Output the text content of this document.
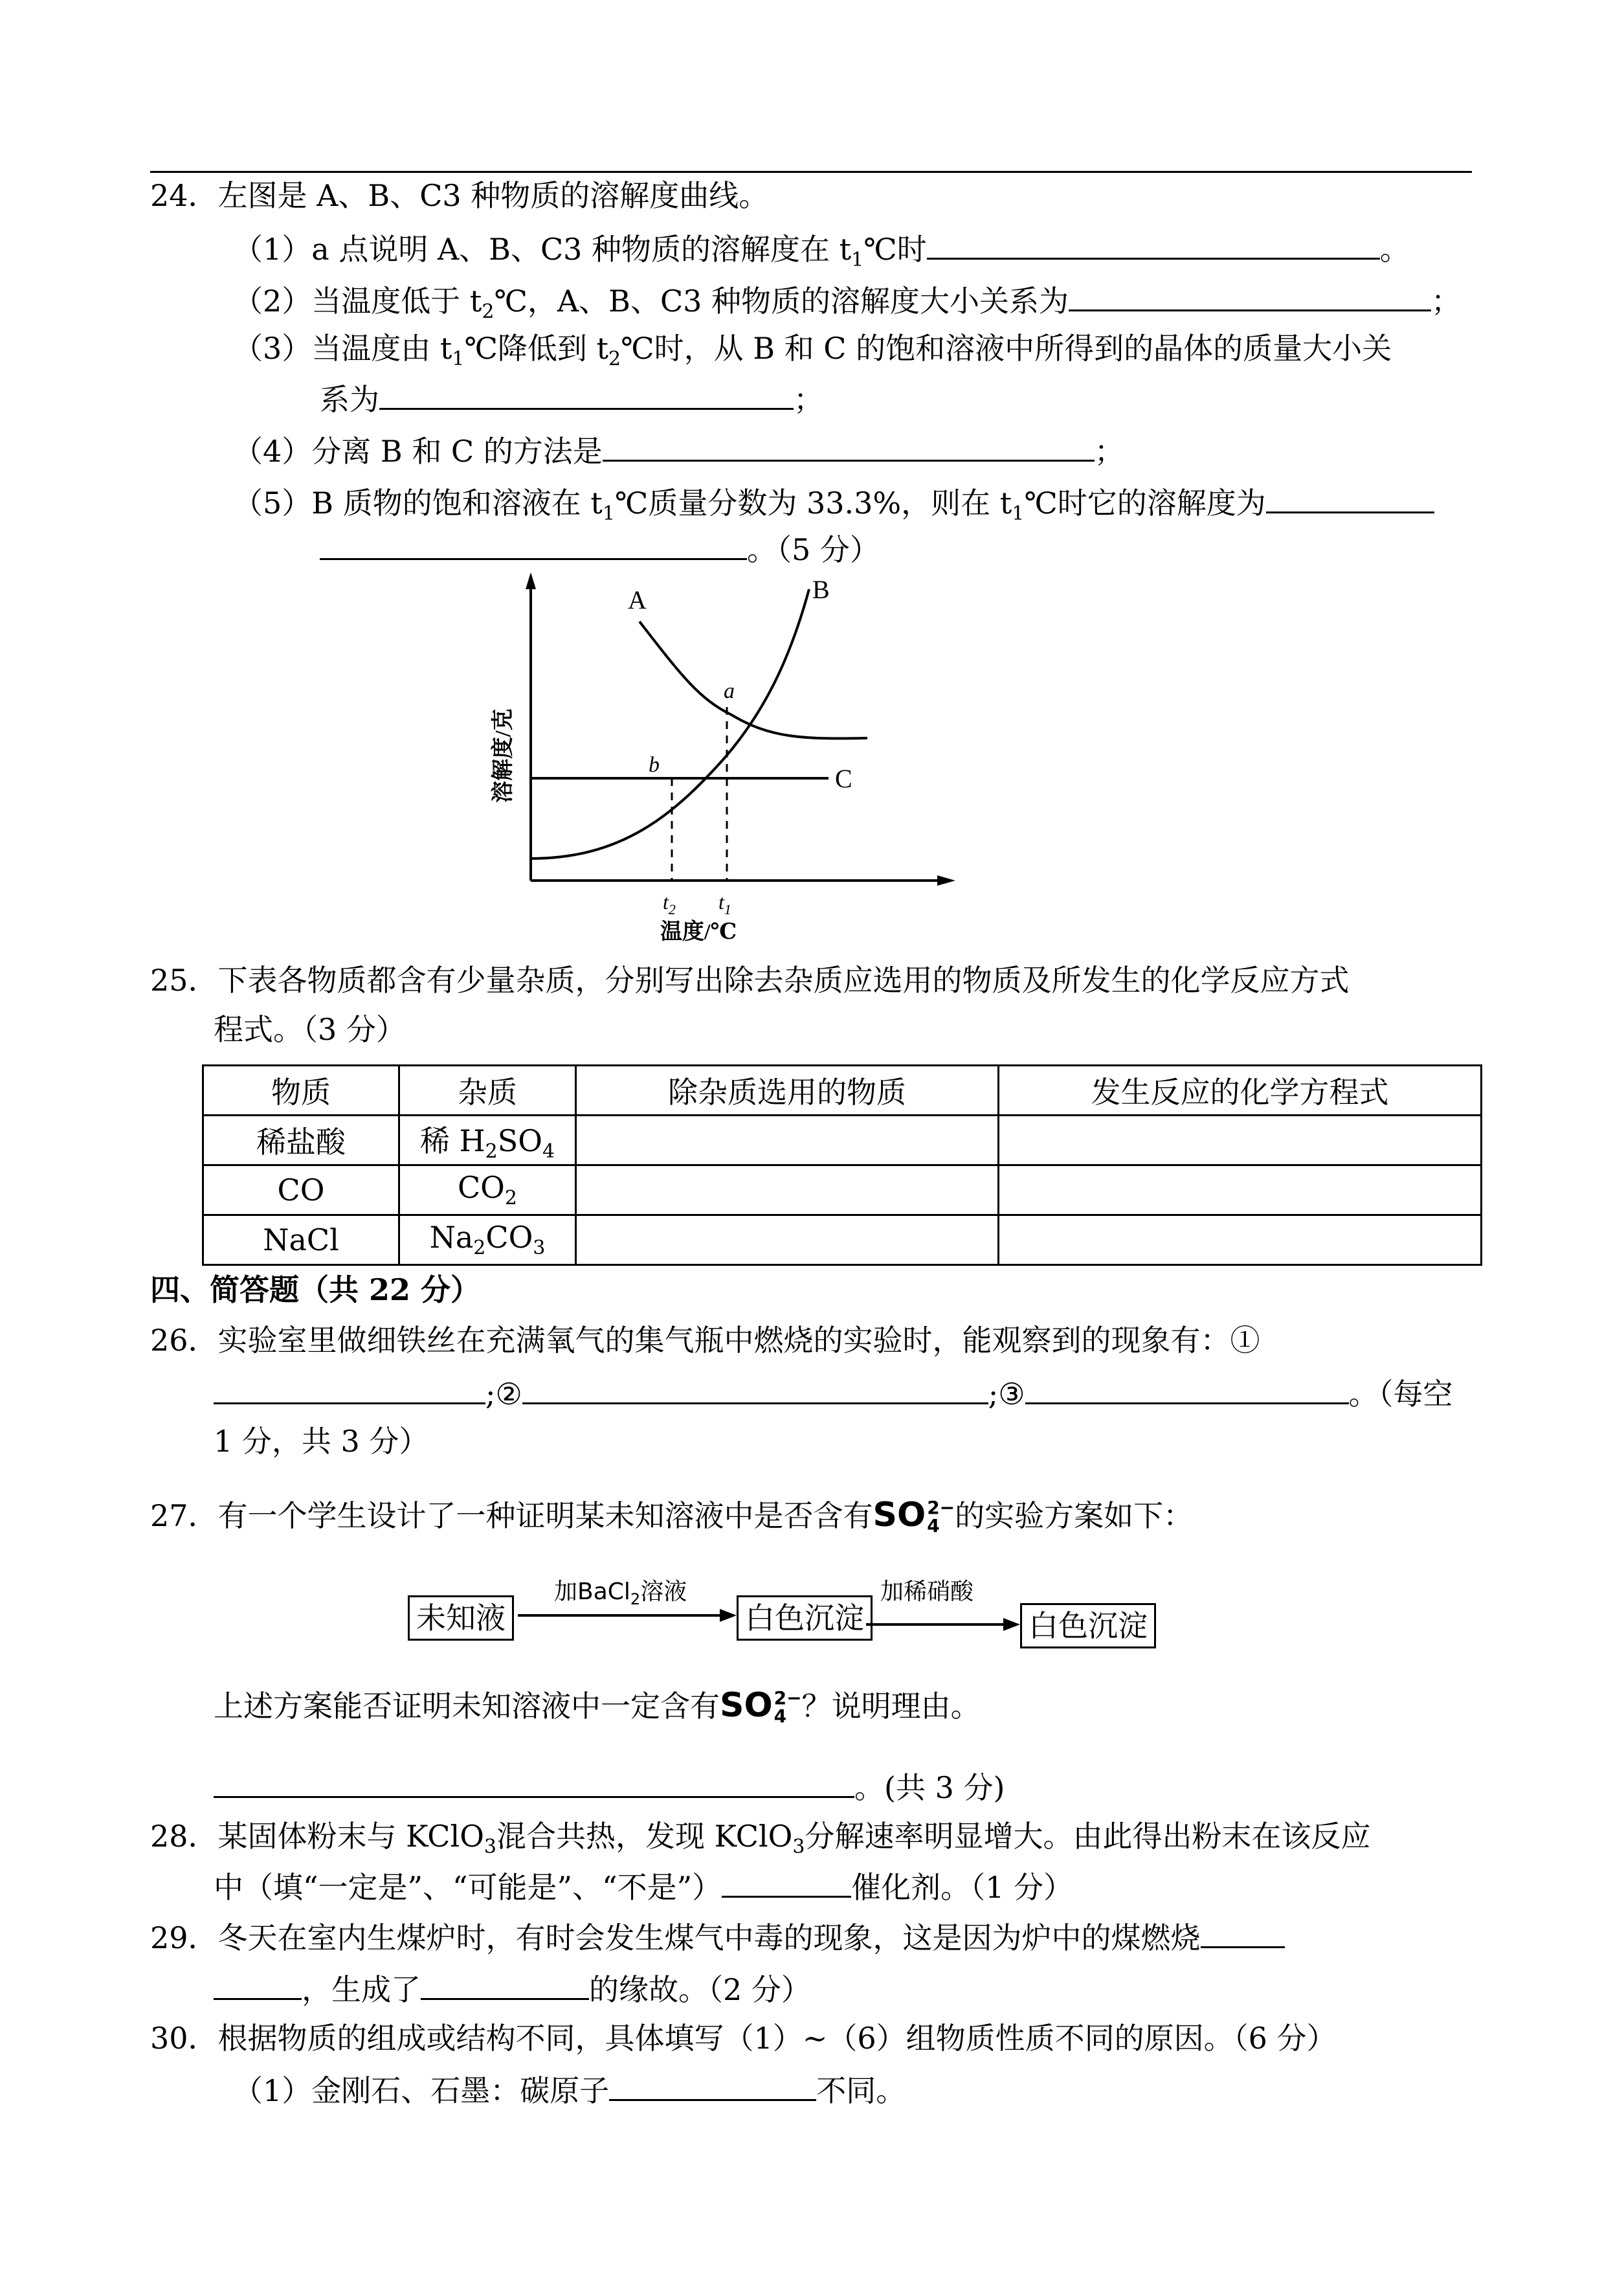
24．左图是 A、B、C3 种物质的溶解度曲线。
（1）a 点说明 A、B、C3 种物质的溶解度在 $t_1℃$时	。
（2）当温度低于 $t_2℃$，A、B、C3 种物质的溶解度大小关系为	；
（3）当温度由 $t_1℃$降低到 $t_2℃$时，从 B 和 C 的饱和溶液中所得到的晶体的质量大小关
系为	；
（4）分离 B 和 C 的方法是	；
（5）B 质物的饱和溶液在 $t_1℃$质量分数为 33.3%，则在 $t_1℃$时它的溶解度为
。（5 分）
A	B
C
a
b
$t_2$ $t_1$
温度/℃
溶解度/克
25．下表各物质都含有少量杂质，分别写出除去杂质应选用的物质及所发生的化学反应方式
程式。（3 分）
物质	杂质	除杂质选用的物质	发生反应的化学方程式
稀盐酸	稀 $H_2SO_4$		
CO	$CO_2$		
NaCl	$Na_2CO_3$		
四、简答题（共 22 分）
26．实验室里做细铁丝在充满氧气的集气瓶中燃烧的实验时，能观察到的现象有：①
;②	;③	。（每空
1 分，共 3 分）
27．有一个学生设计了一种证明某未知溶液中是否含有SO 2−
4 的实验方案如下：
未知液
加BaCl$_2$溶液
白色沉淀
加稀硝酸
白色沉淀
上述方案能否证明未知溶液中一定含有SO 2−
4 ？说明理由。
。(共 3 分)
28．某固体粉末与 KClO$_3$混合共热，发现 KClO$_3$分解速率明显增大。由此得出粉末在该反应
中（填“一定是”、“可能是”、“不是”）	催化剂。（1 分）
29．冬天在室内生煤炉时，有时会发生煤气中毒的现象，这是因为炉中的煤燃烧
，生成了	的缘故。（2 分）
30．根据物质的组成或结构不同，具体填写（1）~（6）组物质性质不同的原因。（6 分）
（1）金刚石、石墨：碳原子	不同。
